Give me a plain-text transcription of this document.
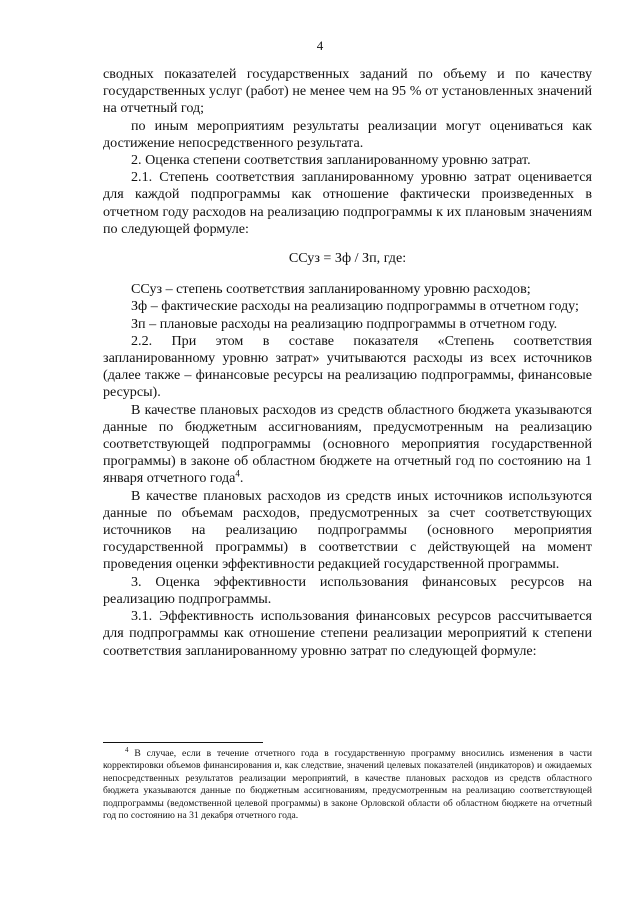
4

сводных показателей государственных заданий по объему и по качеству государственных услуг (работ) не менее чем на 95 % от установленных значений на отчетный год;

по иным мероприятиям результаты реализации могут оцениваться как достижение непосредственного результата.

2. Оценка степени соответствия запланированному уровню затрат.

2.1. Степень соответствия запланированному уровню затрат оценивается для каждой подпрограммы как отношение фактически произведенных в отчетном году расходов на реализацию подпрограммы к их плановым значениям по следующей формуле:

ССуз = Зф / Зп, где:

ССуз – степень соответствия запланированному уровню расходов;

Зф – фактические расходы на реализацию подпрограммы в отчетном году;

Зп – плановые расходы на реализацию подпрограммы в отчетном году.

2.2. При этом в составе показателя «Степень соответствия запланированному уровню затрат» учитываются расходы из всех источников (далее также – финансовые ресурсы на реализацию подпрограммы, финансовые ресурсы).

В качестве плановых расходов из средств областного бюджета указываются данные по бюджетным ассигнованиям, предусмотренным на реализацию соответствующей подпрограммы (основного мероприятия государственной программы) в законе об областном бюджете на отчетный год по состоянию на 1 января отчетного года$^4$.

В качестве плановых расходов из средств иных источников используются данные по объемам расходов, предусмотренных за счет соответствующих источников на реализацию подпрограммы (основного мероприятия государственной программы) в соответствии с действующей на момент проведения оценки эффективности редакцией государственной программы.

3. Оценка эффективности использования финансовых ресурсов на реализацию подпрограммы.

3.1. Эффективность использования финансовых ресурсов рассчитывается для подпрограммы как отношение степени реализации мероприятий к степени соответствия запланированному уровню затрат по следующей формуле:

$^4$ В случае, если в течение отчетного года в государственную программу вносились изменения в части корректировки объемов финансирования и, как следствие, значений целевых показателей (индикаторов) и ожидаемых непосредственных результатов реализации мероприятий, в качестве плановых расходов из средств областного бюджета указываются данные по бюджетным ассигнованиям, предусмотренным на реализацию соответствующей подпрограммы (ведомственной целевой программы) в законе Орловской области об областном бюджете на отчетный год по состоянию на 31 декабря отчетного года.
